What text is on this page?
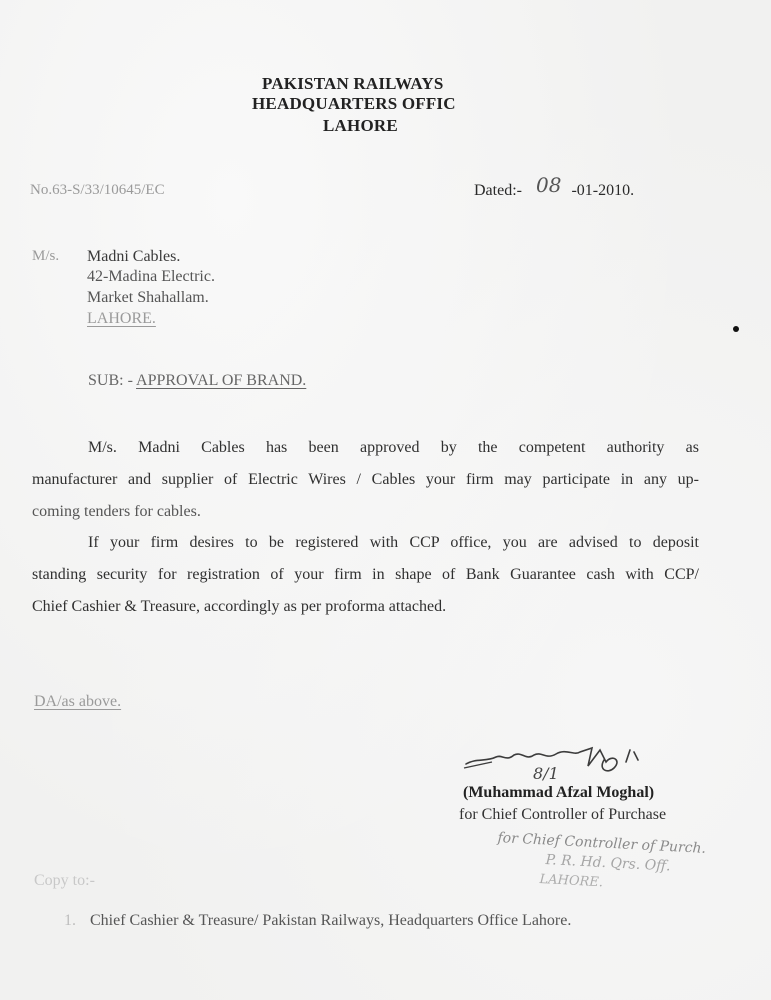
PAKISTAN RAILWAYS
HEADQUARTERS OFFIC
LAHORE
No.63-S/33/10645/EC	Dated:- 08 -01-2010.
M/s. Madni Cables.
42-Madina Electric.
Market Shahallam.
LAHORE.
SUB: - APPROVAL OF BRAND.
M/s. Madni Cables has been approved by the competent authority as
manufacturer and supplier of Electric Wires / Cables your firm may participate in any up-
coming tenders for cables.
If your firm desires to be registered with CCP office, you are advised to deposit
standing security for registration of your firm in shape of Bank Guarantee cash with CCP/
Chief Cashier & Treasure, accordingly as per proforma attached.
DA/as above.
8/1
(Muhammad Afzal Moghal)
for Chief Controller of Purchase
for Chief Controller of Purch.
P. R. Hd. Qrs. Off.
LAHORE.
Copy to:-
1. Chief Cashier & Treasure/ Pakistan Railways, Headquarters Office Lahore.
